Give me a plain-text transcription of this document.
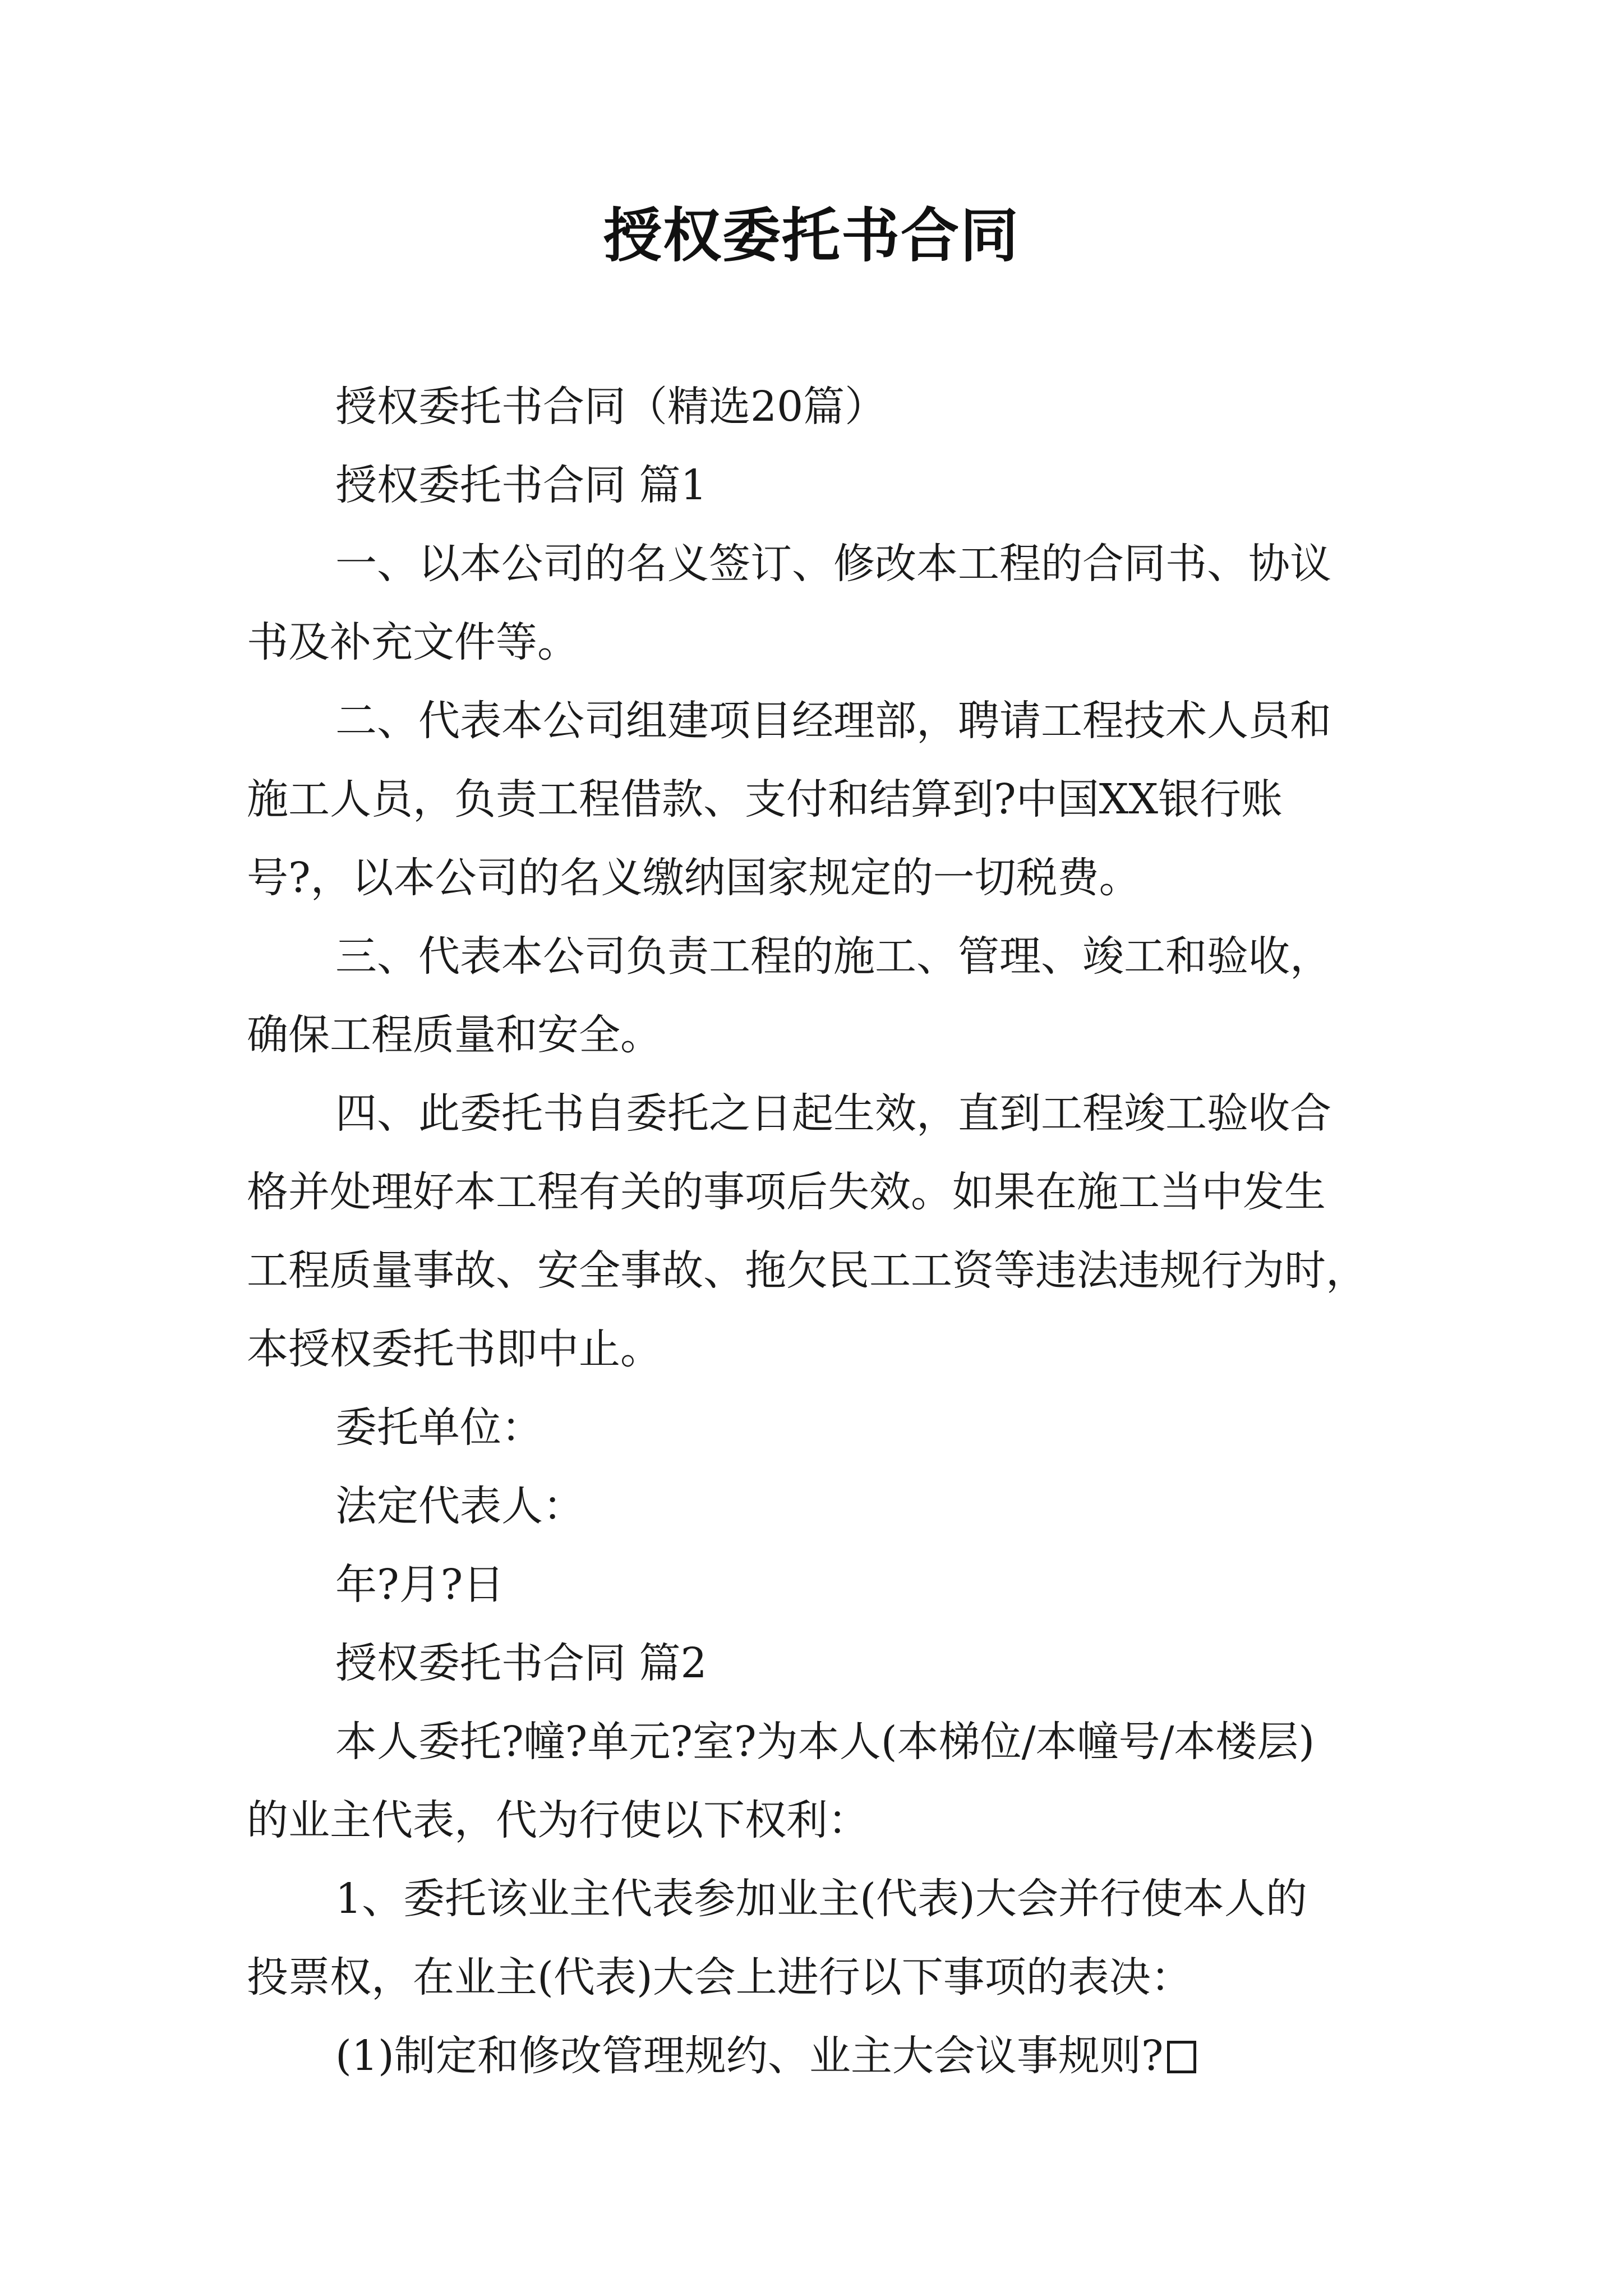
授权委托书合同
授权委托书合同（精选20篇）
授权委托书合同 篇1
一、以本公司的名义签订、修改本工程的合同书、协议
书及补充文件等。
二、代表本公司组建项目经理部，聘请工程技术人员和
施工人员，负责工程借款、支付和结算到?中国XX银行账
号?，以本公司的名义缴纳国家规定的一切税费。
三、代表本公司负责工程的施工、管理、竣工和验收，
确保工程质量和安全。
四、此委托书自委托之日起生效，直到工程竣工验收合
格并处理好本工程有关的事项后失效。如果在施工当中发生
工程质量事故、安全事故、拖欠民工工资等违法违规行为时，
本授权委托书即中止。
委托单位：
法定代表人：
年?月?日
授权委托书合同 篇2
本人委托?幢?单元?室?为本人(本梯位/本幢号/本楼层)
的业主代表，代为行使以下权利：
1、委托该业主代表参加业主(代表)大会并行使本人的
投票权，在业主(代表)大会上进行以下事项的表决：
(1)制定和修改管理规约、业主大会议事规则?
